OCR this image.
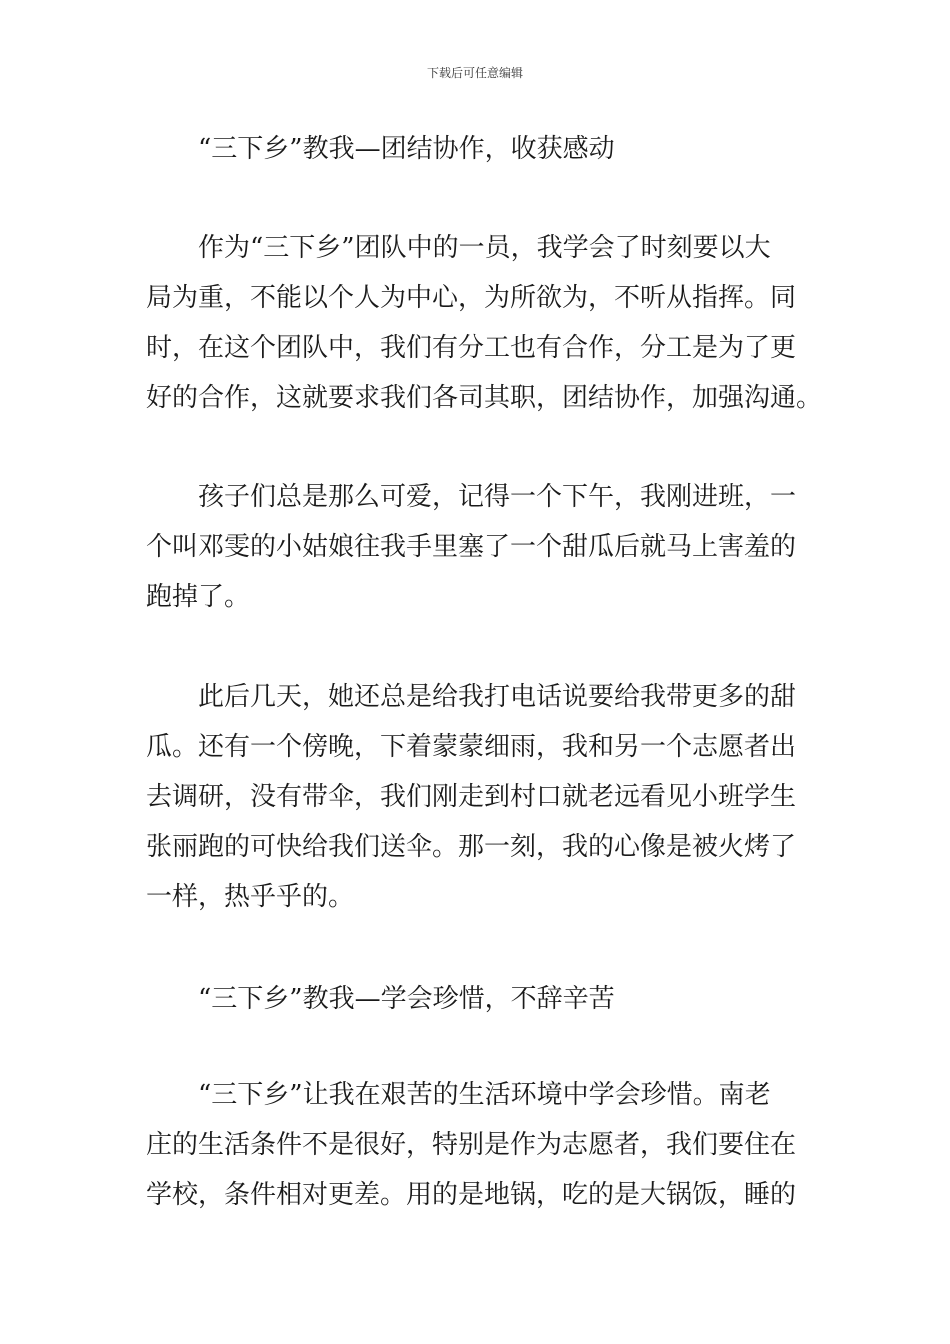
下载后可任意编辑
“三下乡”教我—团结协作，收获感动
作为“三下乡”团队中的一员，我学会了时刻要以大
局为重，不能以个人为中心，为所欲为，不听从指挥。同
时，在这个团队中，我们有分工也有合作，分工是为了更
好的合作，这就要求我们各司其职，团结协作，加强沟通。
孩子们总是那么可爱，记得一个下午，我刚进班，一
个叫邓雯的小姑娘往我手里塞了一个甜瓜后就马上害羞的
跑掉了。
此后几天，她还总是给我打电话说要给我带更多的甜
瓜。还有一个傍晚，下着蒙蒙细雨，我和另一个志愿者出
去调研，没有带伞，我们刚走到村口就老远看见小班学生
张丽跑的可快给我们送伞。那一刻，我的心像是被火烤了
一样，热乎乎的。
“三下乡”教我—学会珍惜，不辞辛苦
“三下乡”让我在艰苦的生活环境中学会珍惜。南老
庄的生活条件不是很好，特别是作为志愿者，我们要住在
学校，条件相对更差。用的是地锅，吃的是大锅饭，睡的
